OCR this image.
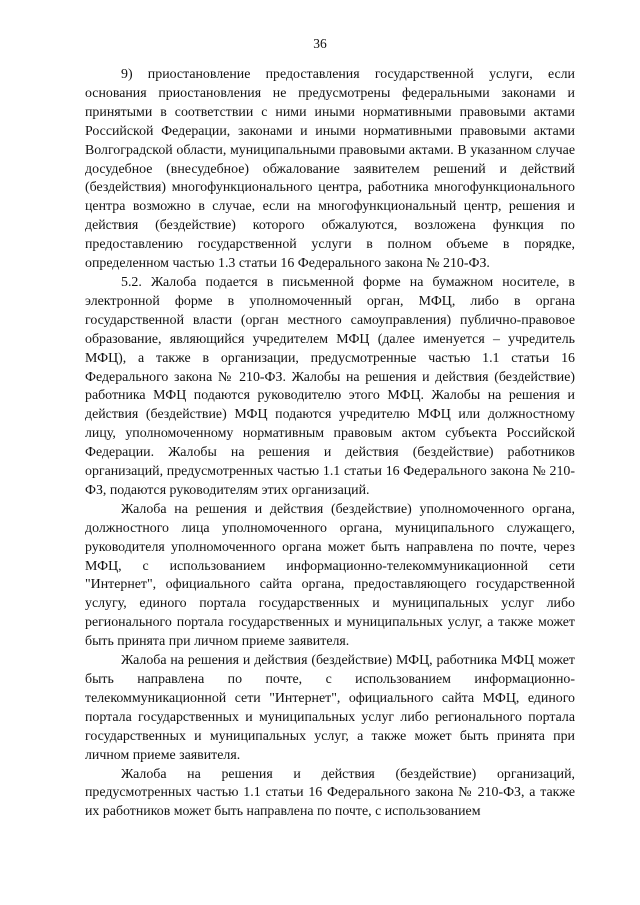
36

9) приостановление предоставления государственной услуги, если основания приостановления не предусмотрены федеральными законами и принятыми в соответствии с ними иными нормативными правовыми актами Российской Федерации, законами и иными нормативными правовыми актами Волгоградской области, муниципальными правовыми актами. В указанном случае досудебное (внесудебное) обжалование заявителем решений и действий (бездействия) многофункционального центра, работника многофункционального центра возможно в случае, если на многофункциональный центр, решения и действия (бездействие) которого обжалуются, возложена функция по предоставлению государственной услуги в полном объеме в порядке, определенном частью 1.3 статьи 16 Федерального закона № 210-ФЗ.

5.2. Жалоба подается в письменной форме на бумажном носителе, в электронной форме в уполномоченный орган, МФЦ, либо в органа государственной власти (орган местного самоуправления) публично-правовое образование, являющийся учредителем МФЦ (далее именуется – учредитель МФЦ), а также в организации, предусмотренные частью 1.1 статьи 16 Федерального закона № 210-ФЗ. Жалобы на решения и действия (бездействие) работника МФЦ подаются руководителю этого МФЦ. Жалобы на решения и действия (бездействие) МФЦ подаются учредителю МФЦ или должностному лицу, уполномоченному нормативным правовым актом субъекта Российской Федерации. Жалобы на решения и действия (бездействие) работников организаций, предусмотренных частью 1.1 статьи 16 Федерального закона № 210-ФЗ, подаются руководителям этих организаций.

Жалоба на решения и действия (бездействие) уполномоченного органа, должностного лица уполномоченного органа, муниципального служащего, руководителя уполномоченного органа может быть направлена по почте, через МФЦ, с использованием информационно-телекоммуникационной сети "Интернет", официального сайта органа, предоставляющего государственной услугу, единого портала государственных и муниципальных услуг либо регионального портала государственных и муниципальных услуг, а также может быть принята при личном приеме заявителя.

Жалоба на решения и действия (бездействие) МФЦ, работника МФЦ может быть направлена по почте, с использованием информационно-телекоммуникационной сети "Интернет", официального сайта МФЦ, единого портала государственных и муниципальных услуг либо регионального портала государственных и муниципальных услуг, а также может быть принята при личном приеме заявителя.

Жалоба на решения и действия (бездействие) организаций, предусмотренных частью 1.1 статьи 16 Федерального закона № 210-ФЗ, а также их работников может быть направлена по почте, с использованием
